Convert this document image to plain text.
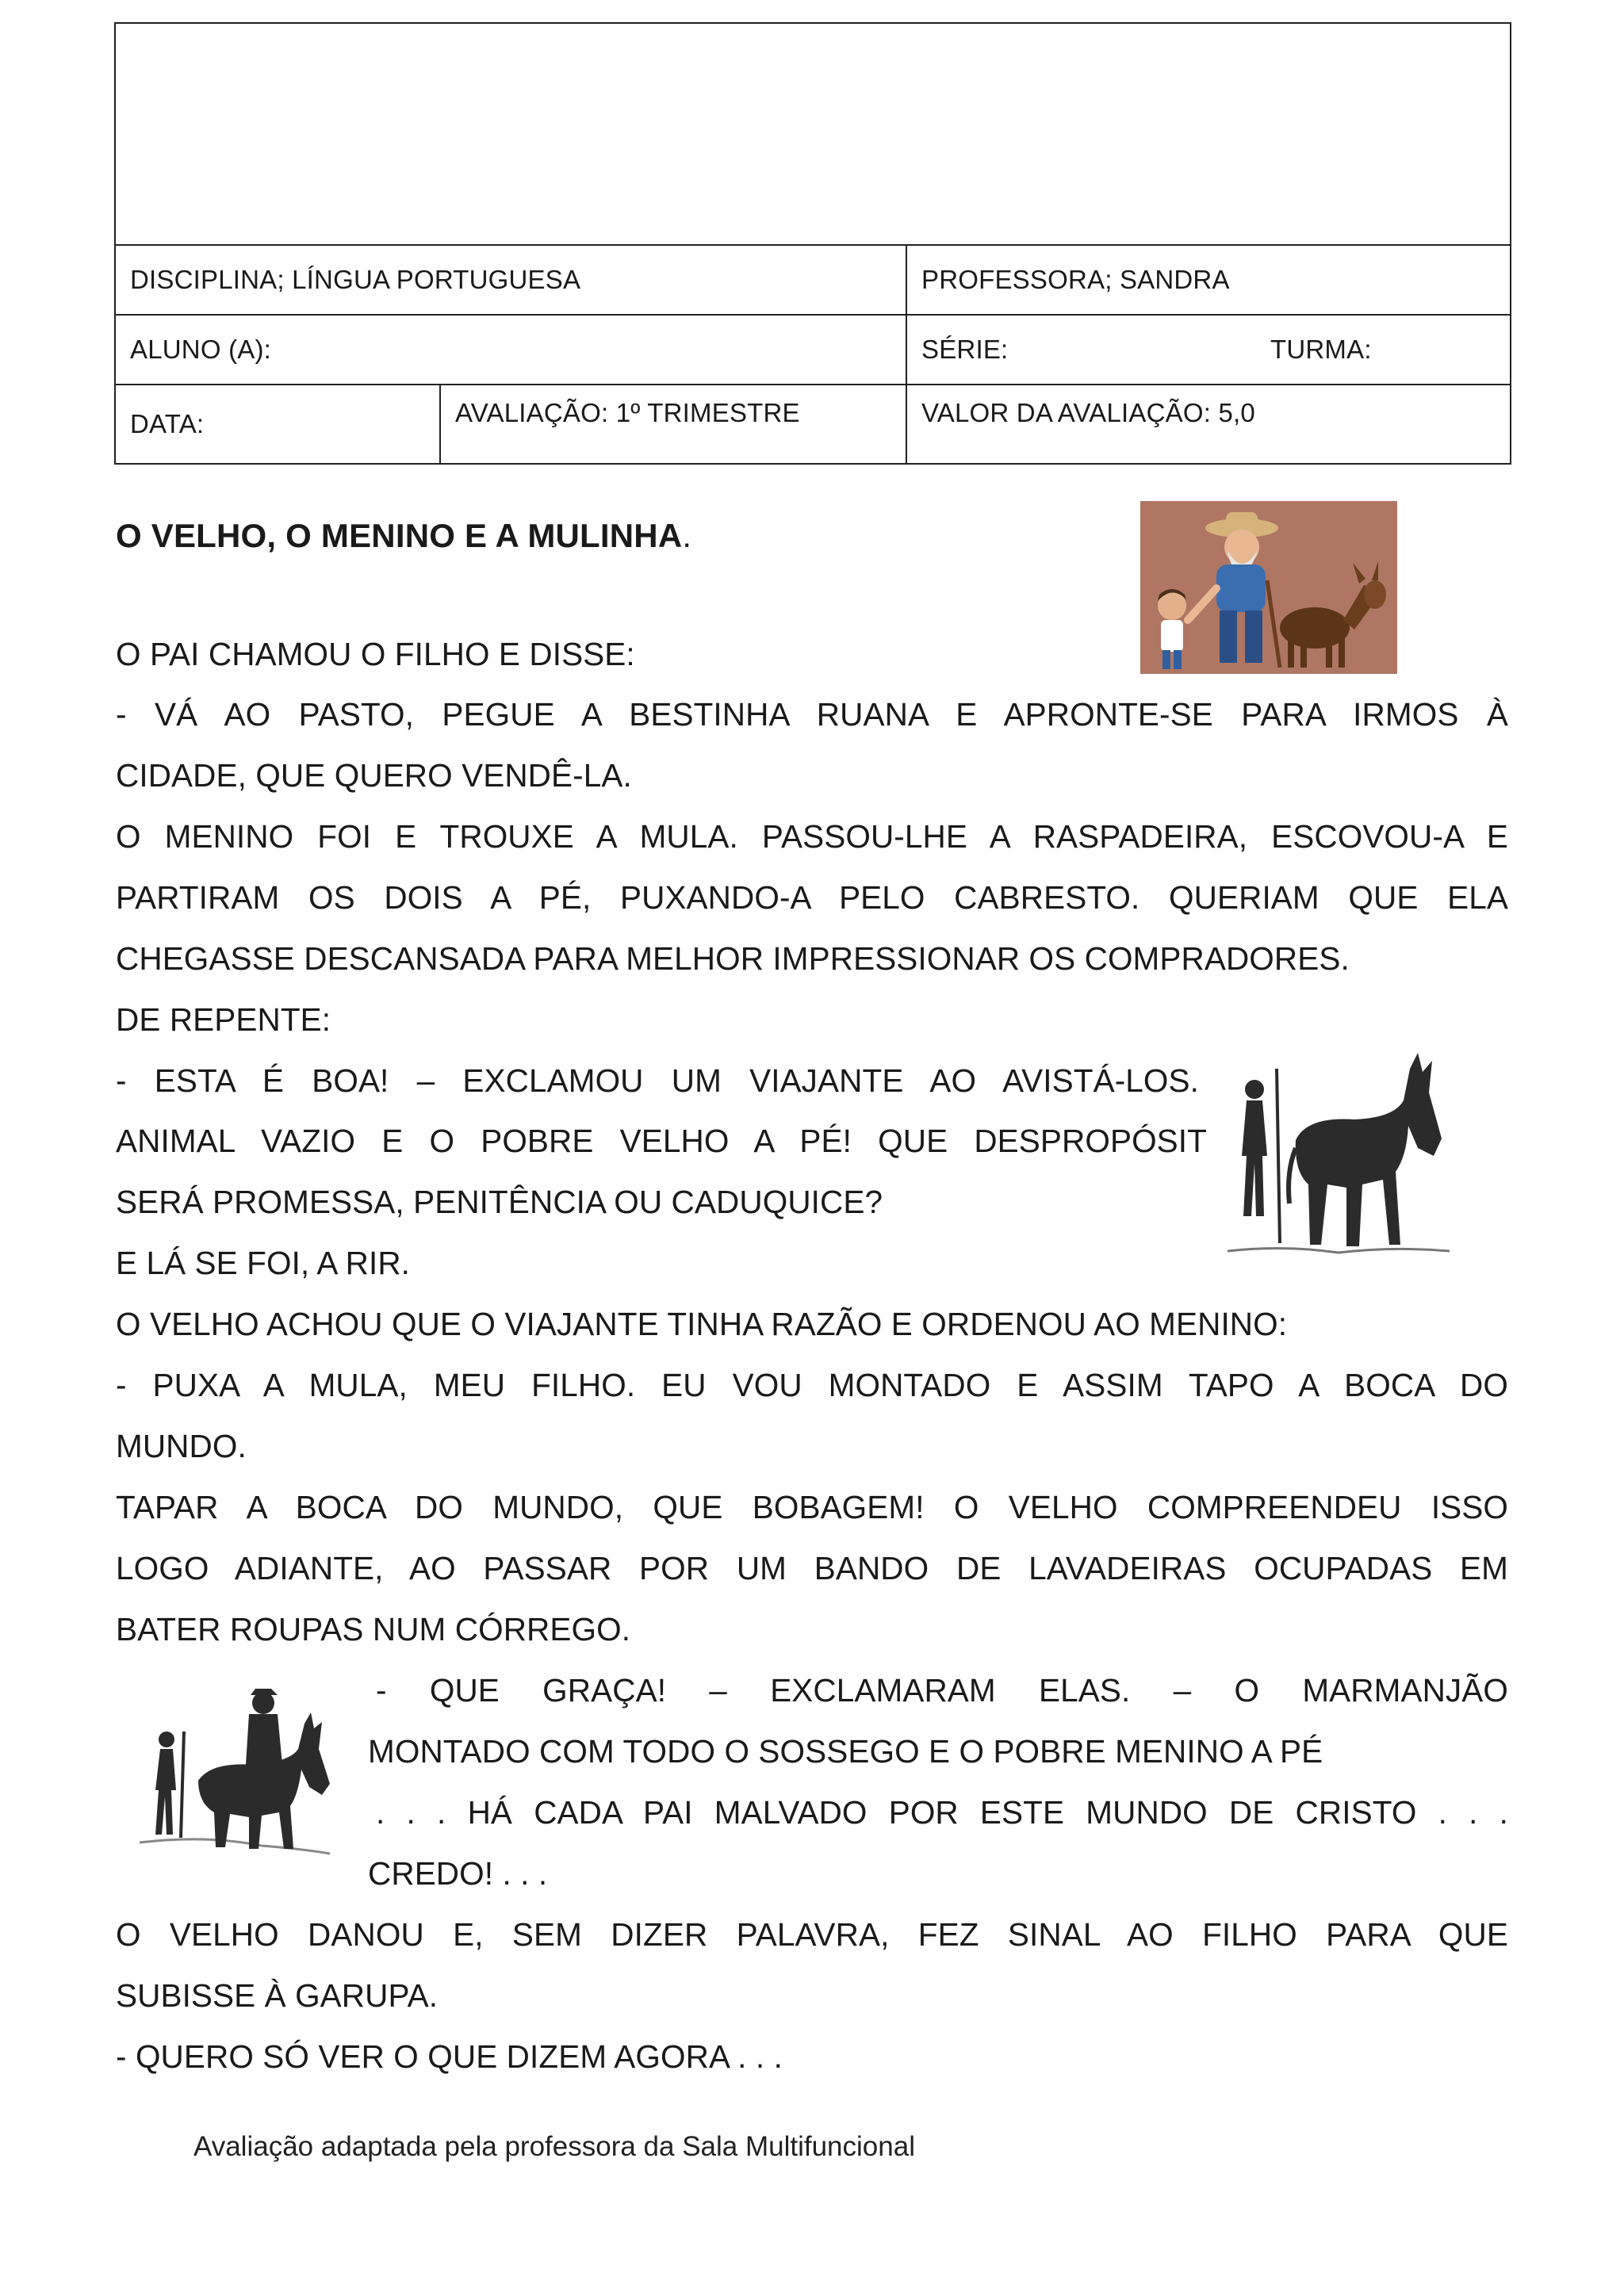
DISCIPLINA; LÍNGUA PORTUGUESA	PROFESSORA; SANDRA
ALUNO (A):	SÉRIE:	TURMA:
DATA:	AVALIAÇÃO: 1º TRIMESTRE	VALOR DA AVALIAÇÃO: 5,0
O VELHO, O MENINO E A MULINHA.
O PAI CHAMOU O FILHO E DISSE:
- VÁ AO PASTO, PEGUE A BESTINHA RUANA E APRONTE-SE PARA IRMOS À
CIDADE, QUE QUERO VENDÊ-LA.
O MENINO FOI E TROUXE A MULA. PASSOU-LHE A RASPADEIRA, ESCOVOU-A E
PARTIRAM OS DOIS A PÉ, PUXANDO-A PELO CABRESTO. QUERIAM QUE ELA
CHEGASSE DESCANSADA PARA MELHOR IMPRESSIONAR OS COMPRADORES.
DE REPENTE:
- ESTA É BOA! – EXCLAMOU UM VIAJANTE AO AVISTÁ-LOS.
ANIMAL VAZIO E O POBRE VELHO A PÉ! QUE DESPROPÓSIT
SERÁ PROMESSA, PENITÊNCIA OU CADUQUICE?
E LÁ SE FOI, A RIR.
O VELHO ACHOU QUE O VIAJANTE TINHA RAZÃO E ORDENOU AO MENINO:
- PUXA A MULA, MEU FILHO. EU VOU MONTADO E ASSIM TAPO A BOCA DO
MUNDO.
TAPAR A BOCA DO MUNDO, QUE BOBAGEM! O VELHO COMPREENDEU ISSO
LOGO ADIANTE, AO PASSAR POR UM BANDO DE LAVADEIRAS OCUPADAS EM
BATER ROUPAS NUM CÓRREGO.
- QUE GRAÇA! – EXCLAMARAM ELAS. – O MARMANJÃO
MONTADO COM TODO O SOSSEGO E O POBRE MENINO A PÉ
. . . HÁ CADA PAI MALVADO POR ESTE MUNDO DE CRISTO . . .
CREDO! . . .
O VELHO DANOU E, SEM DIZER PALAVRA, FEZ SINAL AO FILHO PARA QUE
SUBISSE À GARUPA.
- QUERO SÓ VER O QUE DIZEM AGORA . . .
Avaliação adaptada pela professora da Sala Multifuncional
